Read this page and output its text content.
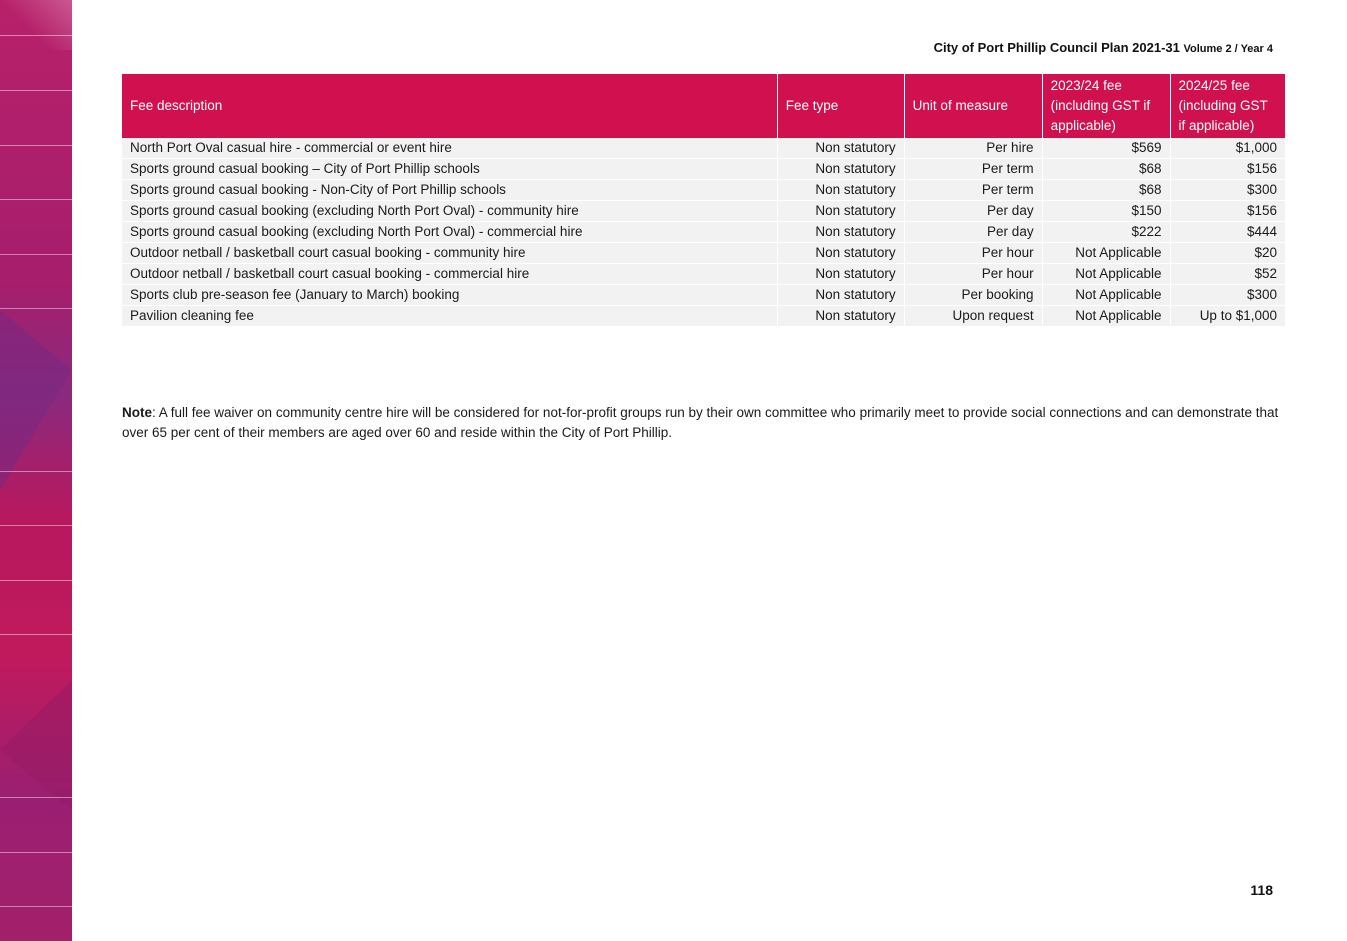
City of Port Phillip Council Plan 2021-31 Volume 2 / Year 4
Fee description	Fee type	Unit of measure	2023/24 fee (including GST if applicable)	2024/25 fee (including GST if applicable)
North Port Oval casual hire - commercial or event hire	Non statutory	Per hire	$569	$1,000
Sports ground casual booking – City of Port Phillip schools	Non statutory	Per term	$68	$156
Sports ground casual booking - Non-City of Port Phillip schools	Non statutory	Per term	$68	$300
Sports ground casual booking (excluding North Port Oval) - community hire	Non statutory	Per day	$150	$156
Sports ground casual booking (excluding North Port Oval) - commercial hire	Non statutory	Per day	$222	$444
Outdoor netball / basketball court casual booking - community hire	Non statutory	Per hour	Not Applicable	$20
Outdoor netball / basketball court casual booking - commercial hire	Non statutory	Per hour	Not Applicable	$52
Sports club pre-season fee (January to March) booking	Non statutory	Per booking	Not Applicable	$300
Pavilion cleaning fee	Non statutory	Upon request	Not Applicable	Up to $1,000
Note: A full fee waiver on community centre hire will be considered for not-for-profit groups run by their own committee who primarily meet to provide social connections and can demonstrate that over 65 per cent of their members are aged over 60 and reside within the City of Port Phillip.
118
